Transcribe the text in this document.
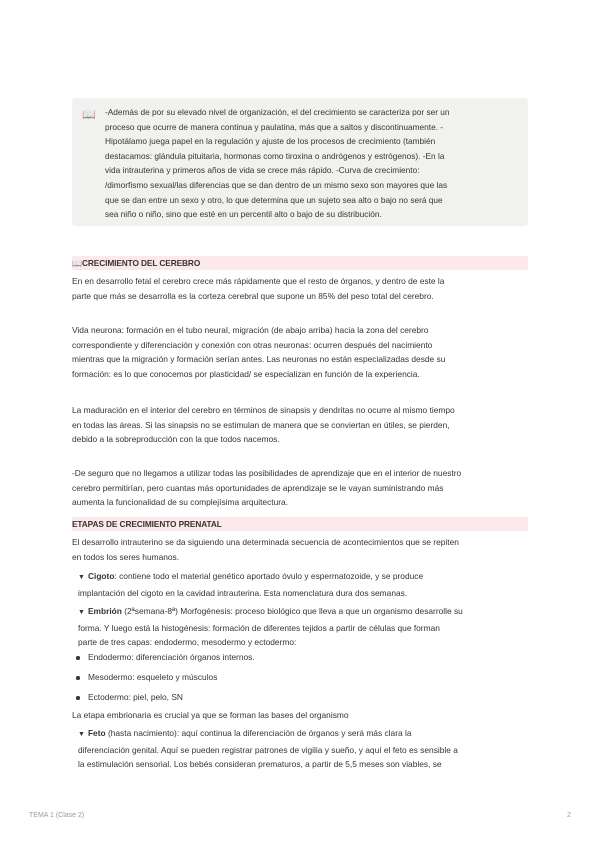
📖 -Además de por su elevado nivel de organización, el del crecimiento se caracteriza por ser un

proceso que ocurre de manera continua y paulatina, más que a saltos y discontinuamente. -

Hipotálamo juega papel en la regulación y ajuste de los procesos de crecimiento (también

destacamos: glándula pituitaria, hormonas como tiroxina o andrógenos y estrógenos). -En la

vida intrauterina y primeros años de vida se crece más rápido. -Curva de crecimiento:

/dimorfismo sexual/las diferencias que se dan dentro de un mismo sexo son mayores que las

que se dan entre un sexo y otro, lo que determina que un sujeto sea alto o bajo no será que

sea niño o niño, sino que esté en un percentil alto o bajo de su distribución.

📖CRECIMIENTO DEL CEREBRO
En en desarrollo fetal el cerebro crece más rápidamente que el resto de órganos, y dentro de este la
parte que más se desarrolla es la corteza cerebral que supone un 85% del peso total del cerebro.
Vida neurona: formación en el tubo neural, migración (de abajo arriba) hacia la zona del cerebro
correspondiente y diferenciación y conexión con otras neuronas: ocurren después del nacimiento
mientras que la migración y formación serían antes. Las neuronas no están especializadas desde su
formación: es lo que conocemos por plasticidad/ se especializan en función de la experiencia.
La maduración en el interior del cerebro en términos de sinapsis y dendritas no ocurre al mismo tiempo
en todas las áreas. Si las sinapsis no se estimulan de manera que se conviertan en útiles, se pierden,
debido a la sobreproducción con la que todos nacemos.
-De seguro que no llegamos a utilizar todas las posibilidades de aprendizaje que en el interior de nuestro
cerebro permitirían, pero cuantas más oportunidades de aprendizaje se le vayan suministrando más
aumenta la funcionalidad de su complejísima arquitectura.
ETAPAS DE CRECIMIENTO PRENATAL
El desarrollo intrauterino se da siguiendo una determinada secuencia de acontecimientos que se repiten
en todos los seres humanos.
▼ Cigoto: contiene todo el material genético aportado óvulo y espermatozoide, y se produce
implantación del cigoto en la cavidad intrauterina. Esta nomenclatura dura dos semanas.
▼ Embrión (2ªsemana-8ª) Morfogénesis: proceso biológico que lleva a que un organismo desarrolle su
forma. Y luego está la histogénesis: formación de diferentes tejidos a partir de células que forman
parte de tres capas: endodermo, mesodermo y ectodermo:
Endodermo: diferenciación órganos internos.
Mesodermo: esqueleto y músculos
Ectodermo: piel, pelo, SN
La etapa embrionaria es crucial ya que se forman las bases del organismo
▼ Feto (hasta nacimiento): aquí continua la diferenciación de órganos y será más clara la
diferenciación genital. Aquí se pueden registrar patrones de vigilia y sueño, y aquí el feto es sensible a
la estimulación sensorial. Los bebés consideran prematuros, a partir de 5,5 meses son viables, se
TEMA 1 (Clase 2)	2
